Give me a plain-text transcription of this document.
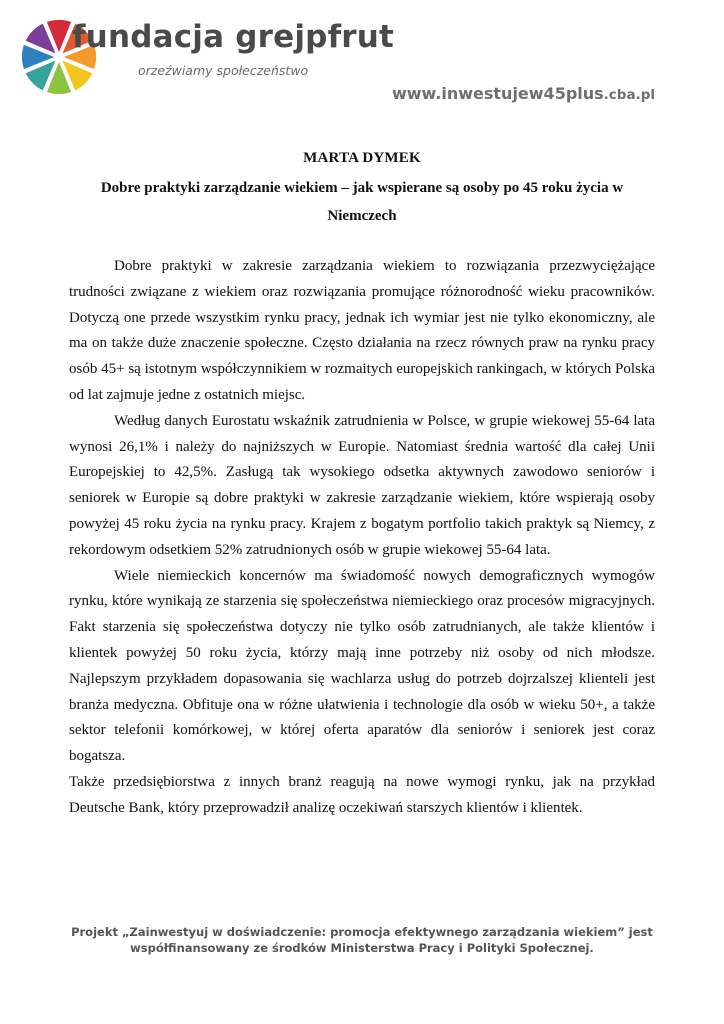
fundacja grejpfrut
orzeźwiamy społeczeństwo
www.inwestujew45plus.cba.pl
MARTA DYMEK
Dobre praktyki zarządzanie wiekiem – jak wspierane są osoby po 45 roku życia w Niemczech

Dobre praktyki w zakresie zarządzania wiekiem to rozwiązania przezwyciężające trudności związane z wiekiem oraz rozwiązania promujące różnorodność wieku pracowników. Dotyczą one przede wszystkim rynku pracy, jednak ich wymiar jest nie tylko ekonomiczny, ale ma on także duże znaczenie społeczne. Często działania na rzecz równych praw na rynku pracy osób 45+ są istotnym współczynnikiem w rozmaitych europejskich rankingach, w których Polska od lat zajmuje jedne z ostatnich miejsc.

Według danych Eurostatu wskaźnik zatrudnienia w Polsce, w grupie wiekowej 55-64 lata wynosi 26,1% i należy do najniższych w Europie. Natomiast średnia wartość dla całej Unii Europejskiej to 42,5%. Zasługą tak wysokiego odsetka aktywnych zawodowo seniorów i seniorek w Europie są dobre praktyki w zakresie zarządzanie wiekiem, które wspierają osoby powyżej 45 roku życia na rynku pracy. Krajem z bogatym portfolio takich praktyk są Niemcy, z rekordowym odsetkiem 52% zatrudnionych osób w grupie wiekowej 55-64 lata.

Wiele niemieckich koncernów ma świadomość nowych demograficznych wymogów rynku, które wynikają ze starzenia się społeczeństwa niemieckiego oraz procesów migracyjnych. Fakt starzenia się społeczeństwa dotyczy nie tylko osób zatrudnianych, ale także klientów i klientek powyżej 50 roku życia, którzy mają inne potrzeby niż osoby od nich młodsze. Najlepszym przykładem dopasowania się wachlarza usług do potrzeb dojrzalszej klienteli jest branża medyczna. Obfituje ona w różne ułatwienia i technologie dla osób w wieku 50+, a także sektor telefonii komórkowej, w której oferta aparatów dla seniorów i seniorek jest coraz bogatsza.

Także przedsiębiorstwa z innych branż reagują na nowe wymogi rynku, jak na przykład Deutsche Bank, który przeprowadził analizę oczekiwań starszych klientów i klientek.

Projekt „Zainwestyuj w doświadczenie: promocja efektywnego zarządzania wiekiem” jest
współfinansowany ze środków Ministerstwa Pracy i Polityki Społecznej.
